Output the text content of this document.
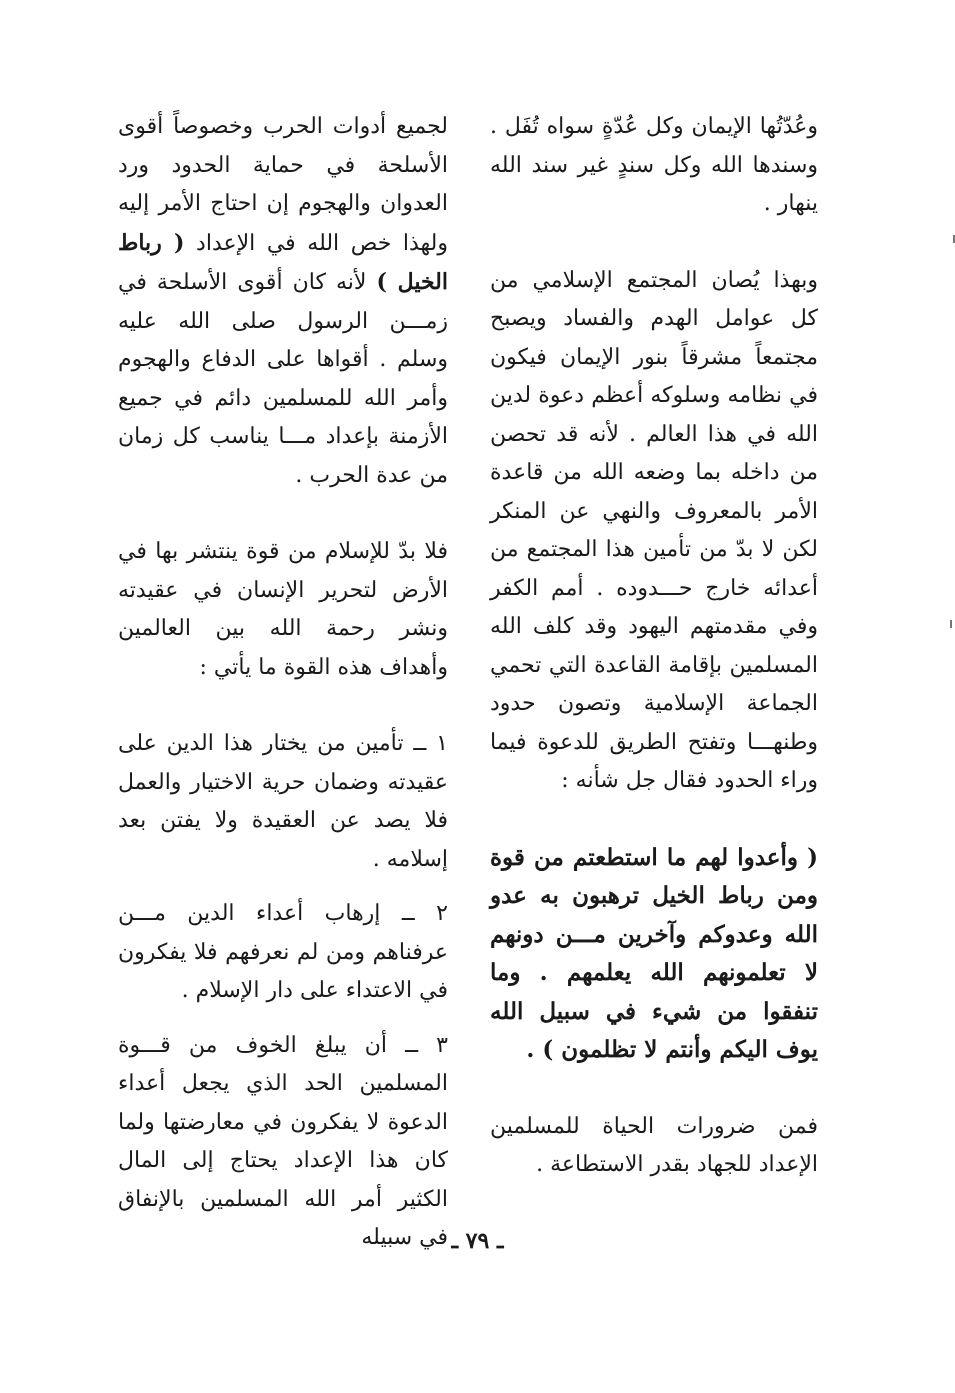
وعُدّتُها الإيمان وكل عُدّةٍ سواه تُفَل . وسندها الله وكل سندٍ غير سند الله ينهار .

وبهذا يُصان المجتمع الإسلامي من كل عوامل الهدم والفساد ويصبح مجتمعاً مشرقاً بنور الإيمان فيكون في نظامه وسلوكه أعظم دعوة لدين الله في هذا العالم . لأنه قد تحصن من داخله بما وضعه الله من قاعدة الأمر بالمعروف والنهي عن المنكر لكن لا بدّ من تأمين هذا المجتمع من أعدائه خارج حـــدوده . أمم الكفر وفي مقدمتهم اليهود وقد كلف الله المسلمين بإقامة القاعدة التي تحمي الجماعة الإسلامية وتصون حدود وطنهـــا وتفتح الطريق للدعوة فيما وراء الحدود فقال جل شأنه :

( وأعدوا لهم ما استطعتم من قوة ومن رباط الخيل ترهبون به عدو الله وعدوكم وآخرين مـــن دونهم لا تعلمونهم الله يعلمهم . وما تنفقوا من شيء في سبيل الله يوف اليكم وأنتم لا تظلمون ) .

فمن ضرورات الحياة للمسلمين الإعداد للجهاد بقدر الاستطاعة .

لجميع أدوات الحرب وخصوصاً أقوى الأسلحة في حماية الحدود ورد العدوان والهجوم إن احتاج الأمر إليه ولهذا خص الله في الإعداد ( رباط الخيل ) لأنه كان أقوى الأسلحة في زمـــن الرسول صلى الله عليه وسلم . أقواها على الدفاع والهجوم وأمر الله للمسلمين دائم في جميع الأزمنة بإعداد مـــا يناسب كل زمان من عدة الحرب .

فلا بدّ للإسلام من قوة ينتشر بها في الأرض لتحرير الإنسان في عقيدته ونشر رحمة الله بين العالمين وأهداف هذه القوة ما يأتي :

١ ــ تأمين من يختار هذا الدين على عقيدته وضمان حرية الاختيار والعمل فلا يصد عن العقيدة ولا يفتن بعد إسلامه .

٢ ــ إرهاب أعداء الدين مـــن عرفناهم ومن لم نعرفهم فلا يفكرون في الاعتداء على دار الإسلام .

٣ ــ أن يبلغ الخوف من قـــوة المسلمين الحد الذي يجعل أعداء الدعوة لا يفكرون في معارضتها ولما كان هذا الإعداد يحتاج إلى المال الكثير أمر الله المسلمين بالإنفاق في سبيله ـ ٧٩ ـ
